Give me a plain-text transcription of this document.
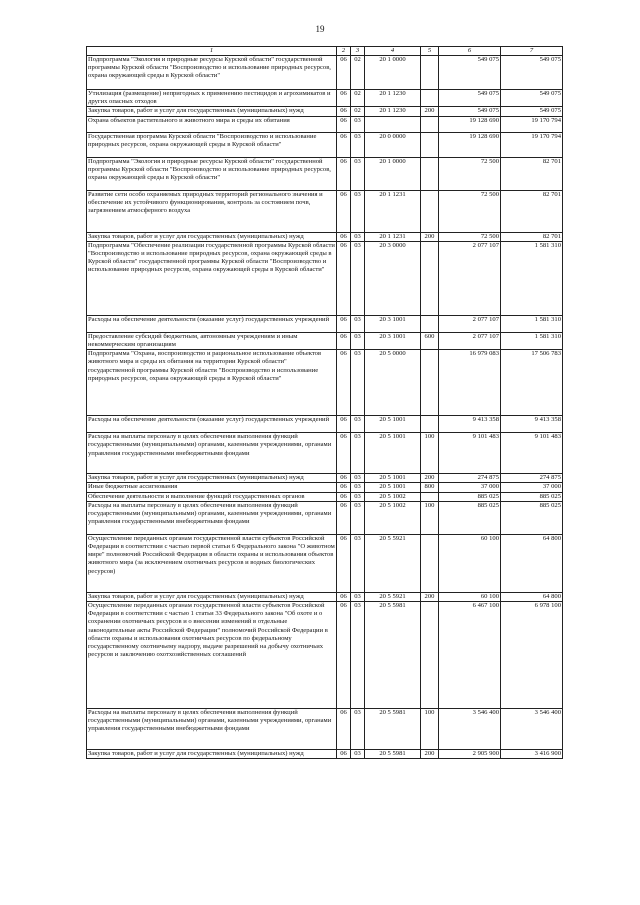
19
1	2	3	4	5	6	7
Подпрограмма "Экология и природные ресурсы Курской области" государственной программы Курской области "Воспроизводство и использование природных ресурсов, охрана окружающей среды в Курской области"	06	02	20 1 0000		549 075	549 075
Утилизация (размещение) непригодных к применению пестицидов и агрохимикатов и других опасных отходов	06	02	20 1 1230		549 075	549 075
Закупка товаров, работ и услуг для государственных (муниципальных) нужд	06	02	20 1 1230	200	549 075	549 075
Охрана объектов растительного и животного мира и среды их обитания	06	03			19 128 690	19 170 794
Государственная программа Курской области "Воспроизводство и использование природных ресурсов, охрана окружающей среды в Курской области"	06	03	20 0 0000		19 128 690	19 170 794
Подпрограмма "Экология и природные ресурсы Курской области" государственной программы Курской области "Воспроизводство и использование природных ресурсов, охрана окружающей среды в Курской области"	06	03	20 1 0000		72 500	82 701
Развитие сети особо охраняемых природных территорий регионального значения и обеспечение их устойчивого функционирования, контроль за состоянием почв, загрязнением атмосферного воздуха	06	03	20 1 1231		72 500	82 701
Закупка товаров, работ и услуг для государственных (муниципальных) нужд	06	03	20 1 1231	200	72 500	82 701
Подпрограмма "Обеспечение реализации государственной программы Курской области "Воспроизводство и использование природных ресурсов, охрана окружающей среды в Курской области" государственной программы Курской области "Воспроизводство и использование природных ресурсов, охрана окружающей среды в Курской области"	06	03	20 3 0000		2 077 107	1 581 310
Расходы на обеспечение деятельности (оказание услуг) государственных учреждений	06	03	20 3 1001		2 077 107	1 581 310
Предоставление субсидий бюджетным, автономным учреждениям и иным некоммерческим организациям	06	03	20 3 1001	600	2 077 107	1 581 310
Подпрограмма "Охрана, воспроизводство и рациональное использование объектов животного мира и среды их обитания на территории Курской области" государственной программы Курской области "Воспроизводство и использование природных ресурсов, охрана окружающей среды в Курской области"	06	03	20 5 0000		16 979 083	17 506 783
Расходы на обеспечение деятельности (оказание услуг) государственных учреждений	06	03	20 5 1001		9 413 358	9 413 358
Расходы на выплаты персоналу в целях обеспечения выполнения функций государственными (муниципальными) органами, казенными учреждениями, органами управления государственными внебюджетными фондами	06	03	20 5 1001	100	9 101 483	9 101 483
Закупка товаров, работ и услуг для государственных (муниципальных) нужд	06	03	20 5 1001	200	274 875	274 875
Иные бюджетные ассигнования	06	03	20 5 1001	800	37 000	37 000
Обеспечение деятельности и выполнение функций государственных органов	06	03	20 5 1002		885 025	885 025
Расходы на выплаты персоналу в целях обеспечения выполнения функций государственными (муниципальными) органами, казенными учреждениями, органами управления государственными внебюджетными фондами	06	03	20 5 1002	100	885 025	885 025
Осуществление переданных органам государственной власти субъектов Российской Федерации в соответствии с частью первой статьи 6 Федерального закона "О животном мире" полномочий Российской Федерации в области охраны и использования объектов животного мира (за исключением охотничьих ресурсов и водных биологических ресурсов)	06	03	20 5 5921		60 100	64 800
Закупка товаров, работ и услуг для государственных (муниципальных) нужд	06	03	20 5 5921	200	60 100	64 800
Осуществление переданных органам государственной власти субъектов Российской Федерации в соответствии с частью 1 статьи 33 Федерального закона "Об охоте и о сохранении охотничьих ресурсов и о внесении изменений в отдельные законодательные акты Российской Федерации" полномочий Российской Федерации в области охраны и использования охотничьих ресурсов по федеральному государственному охотничьему надзору, выдаче разрешений на добычу охотничьих ресурсов и заключению охотхозяйственных соглашений	06	03	20 5 5981		6 467 100	6 978 100
Расходы на выплаты персоналу в целях обеспечения выполнения функций государственными (муниципальными) органами, казенными учреждениями, органами управления государственными внебюджетными фондами	06	03	20 5 5981	100	3 546 400	3 546 400
Закупка товаров, работ и услуг для государственных (муниципальных) нужд	06	03	20 5 5981	200	2 905 900	3 416 900
